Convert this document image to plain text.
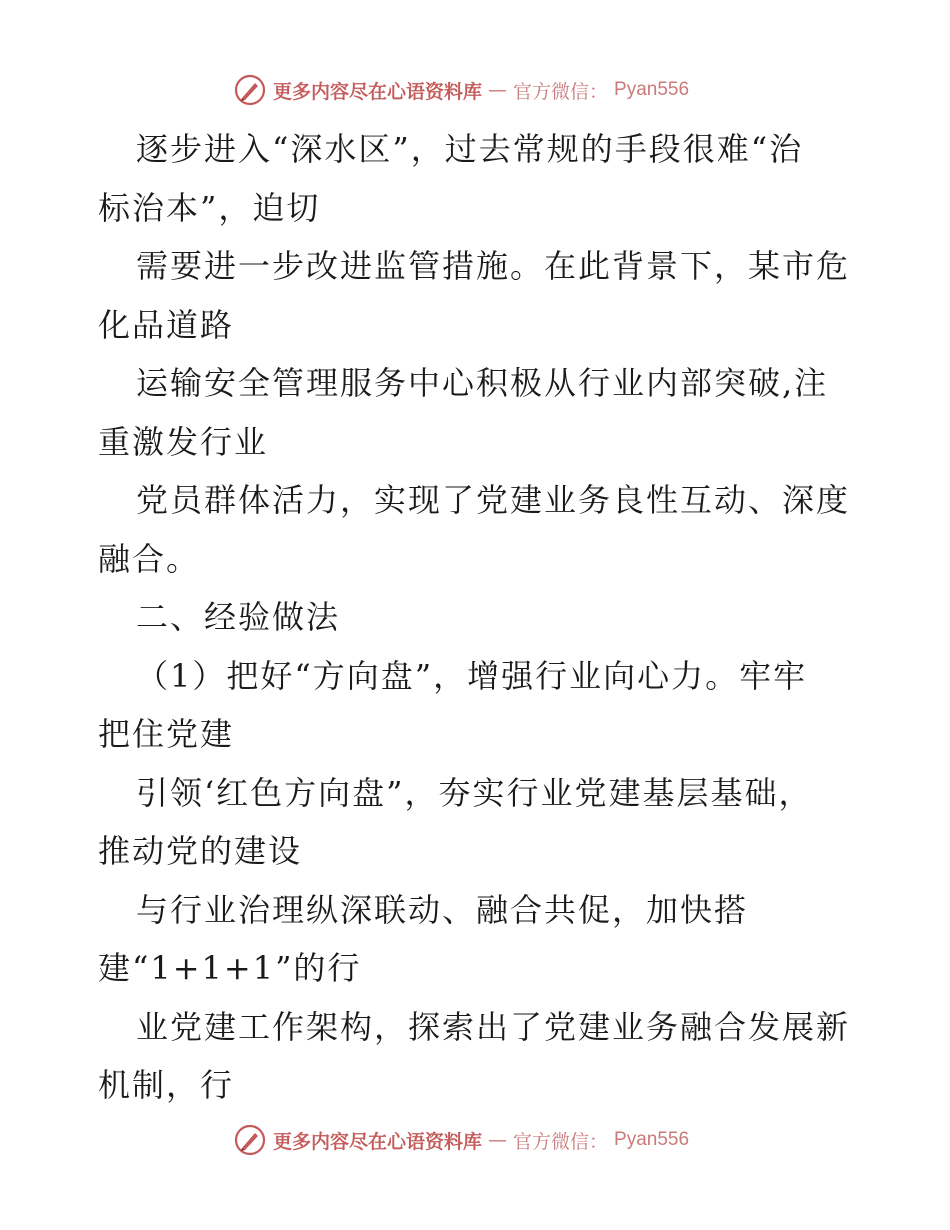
更多内容尽在心语资料库 — 官方微信： Pyan556
逐步进入“深水区”，过去常规的手段很难“治
标治本”，迫切
需要进一步改进监管措施。在此背景下，某市危
化品道路
运输安全管理服务中心积极从行业内部突破,注
重激发行业
党员群体活力，实现了党建业务良性互动、深度
融合。
二、经验做法
（1）把好“方向盘”，增强行业向心力。牢牢
把住党建
引领‘红色方向盘”，夯实行业党建基层基础，
推动党的建设
与行业治理纵深联动、融合共促，加快搭
建“1+1+1”的行
业党建工作架构，探索出了党建业务融合发展新
机制，行
更多内容尽在心语资料库 — 官方微信： Pyan556
